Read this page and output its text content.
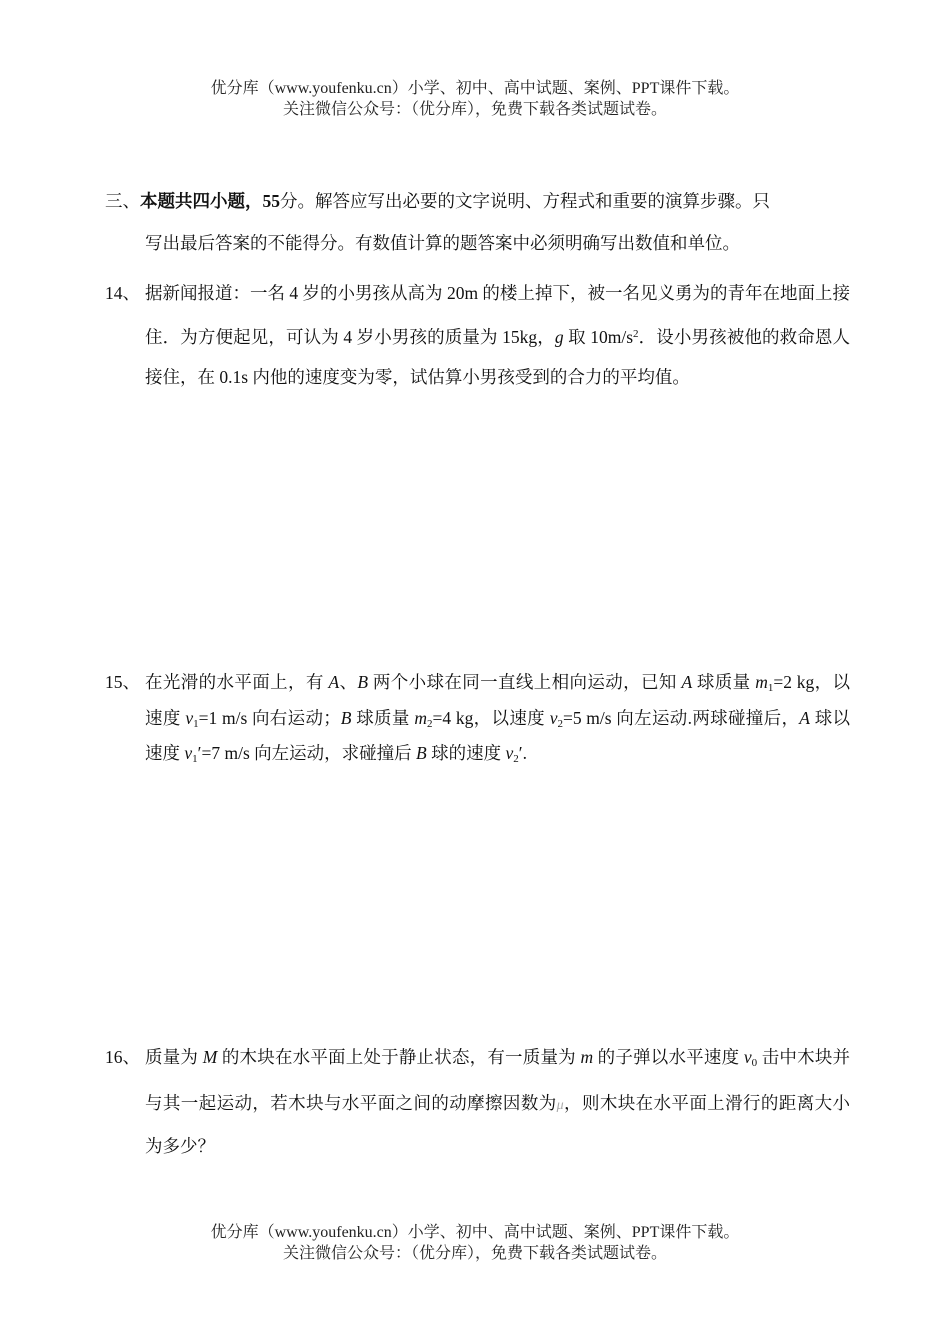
优分库（www.youfenku.cn）小学、初中、高中试题、案例、PPT课件下载。
关注微信公众号：（优分库），免费下载各类试题试卷。
三、本题共四小题，55分。解答应写出必要的文字说明、方程式和重要的演算步骤。只
写出最后答案的不能得分。有数值计算的题答案中必须明确写出数值和单位。
14、 据新闻报道：一名 4 岁的小男孩从高为 20m 的楼上掉下，被一名见义勇为的青年在地面上接住．为方便起见，可认为 4 岁小男孩的质量为 15kg，g 取 $10m/s^2$．设小男孩被他的救命恩人接住，在 0.1s 内他的速度变为零，试估算小男孩受到的合力的平均值。
15、 在光滑的水平面上，有 A、B 两个小球在同一直线上相向运动，已知 A 球质量 $m_1=2$ kg，以速度 $v_1=1$ m/s 向右运动；B 球质量 $m_2=4$ kg，以速度 $v_2=5$ m/s 向左运动.两球碰撞后，A 球以速度 $v_1'=7$ m/s 向左运动，求碰撞后 B 球的速度 $v_2'$.
16、 质量为 M 的木块在水平面上处于静止状态，有一质量为 m 的子弹以水平速度 $v_0$ 击中木块并与其一起运动，若木块与水平面之间的动摩擦因数为μ，则木块在水平面上滑行的距离大小为多少？
优分库（www.youfenku.cn）小学、初中、高中试题、案例、PPT课件下载。
关注微信公众号：（优分库），免费下载各类试题试卷。
